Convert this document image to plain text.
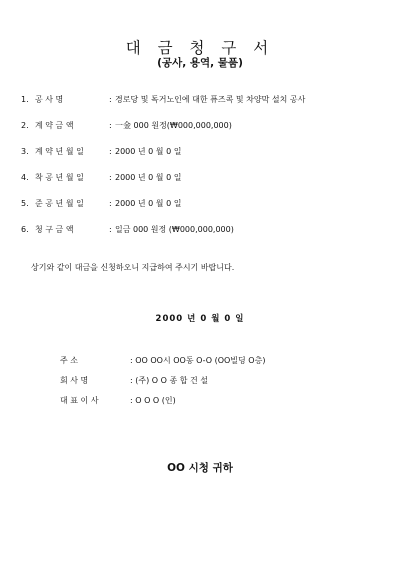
대 금 청 구 서
(공사, 용역, 물품)
1. 공 사 명	: 경로당 및 독거노인에 대한 퓨즈콕 및 차양막 설치 공사
2. 계 약 금 액	: 一金 000 원정(₩000,000,000)
3. 계 약 년 월 일	: 2000 년 0 월 0 일
4. 착 공 년 월 일	: 2000 년 0 월 0 일
5. 준 공 년 월 일	: 2000 년 0 월 0 일
6. 청 구 금 액	: 일금 000 원정 (₩000,000,000)
상기와 같이 대금을 신청하오니 지급하여 주시기 바랍니다.
2000 년 0 월 0 일
주 소	: OO OO시 OO동 O-O (OO빌딩 O층)
회 사 명	: (주) O O 종 합 건 설
대 표 이 사	: O O O (인)
OO 시청 귀하
